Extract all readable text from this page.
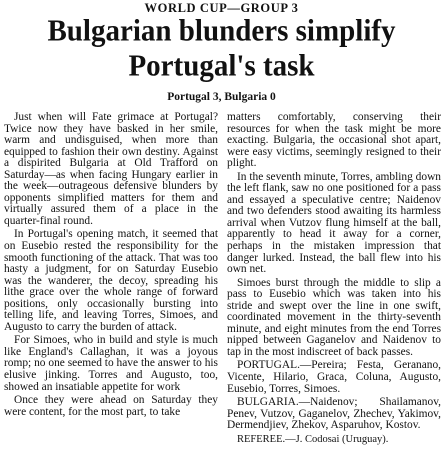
WORLD CUP—GROUP 3
Bulgarian blunders simplify
Portugal's task
Portugal 3, Bulgaria 0

Just when will Fate grimace at Portugal? Twice now they have basked in her smile, warm and undisguised, when more than equipped to fashion their own destiny. Against a dispirited Bulgaria at Old Trafford on Saturday—as when facing Hungary earlier in the week—outrageous defensive blunders by opponents simplified matters for them and virtually assured them of a place in the quarter-final round.

In Portugal's opening match, it seemed that on Eusebio rested the responsibility for the smooth functioning of the attack. That was too hasty a judgment, for on Saturday Eusebio was the wanderer, the decoy, spreading his lithe grace over the whole range of forward positions, only occasionally bursting into telling life, and leaving Torres, Simoes, and Augusto to carry the burden of attack.

For Simoes, who in build and style is much like England's Callaghan, it was a joyous romp; no one seemed to have the answer to his elusive jinking. Torres and Augusto, too, showed an insatiable appetite for work

Once they were ahead on Saturday they were content, for the most part, to take

matters comfortably, conserving their resources for when the task might be more exacting. Bulgaria, the occasional shot apart, were easy victims, seemingly resigned to their plight.

In the seventh minute, Torres, ambling down the left flank, saw no one positioned for a pass and essayed a speculative centre; Naidenov and two defenders stood awaiting its harmless arrival when Vutzov flung himself at the ball, apparently to head it away for a corner, perhaps in the mistaken impression that danger lurked. Instead, the ball flew into his own net.

Simoes burst through the middle to slip a pass to Eusebio which was taken into his stride and swept over the line in one swift, coordinated movement in the thirty-seventh minute, and eight minutes from the end Torres nipped between Gaganelov and Naidenov to tap in the most indiscreet of back passes.

PORTUGAL.—Pereira; Festa, Geranano, Vicente, Hilario, Graca, Coluna, Augusto, Eusebio, Torres, Simoes.

BULGARIA.—Naidenov; Shailamanov, Penev, Vutzov, Gaganelov, Zhechev, Yakimov, Dermendjiev, Zhekov, Asparuhov, Kostov.

REFEREE.—J. Codosai (Uruguay).
